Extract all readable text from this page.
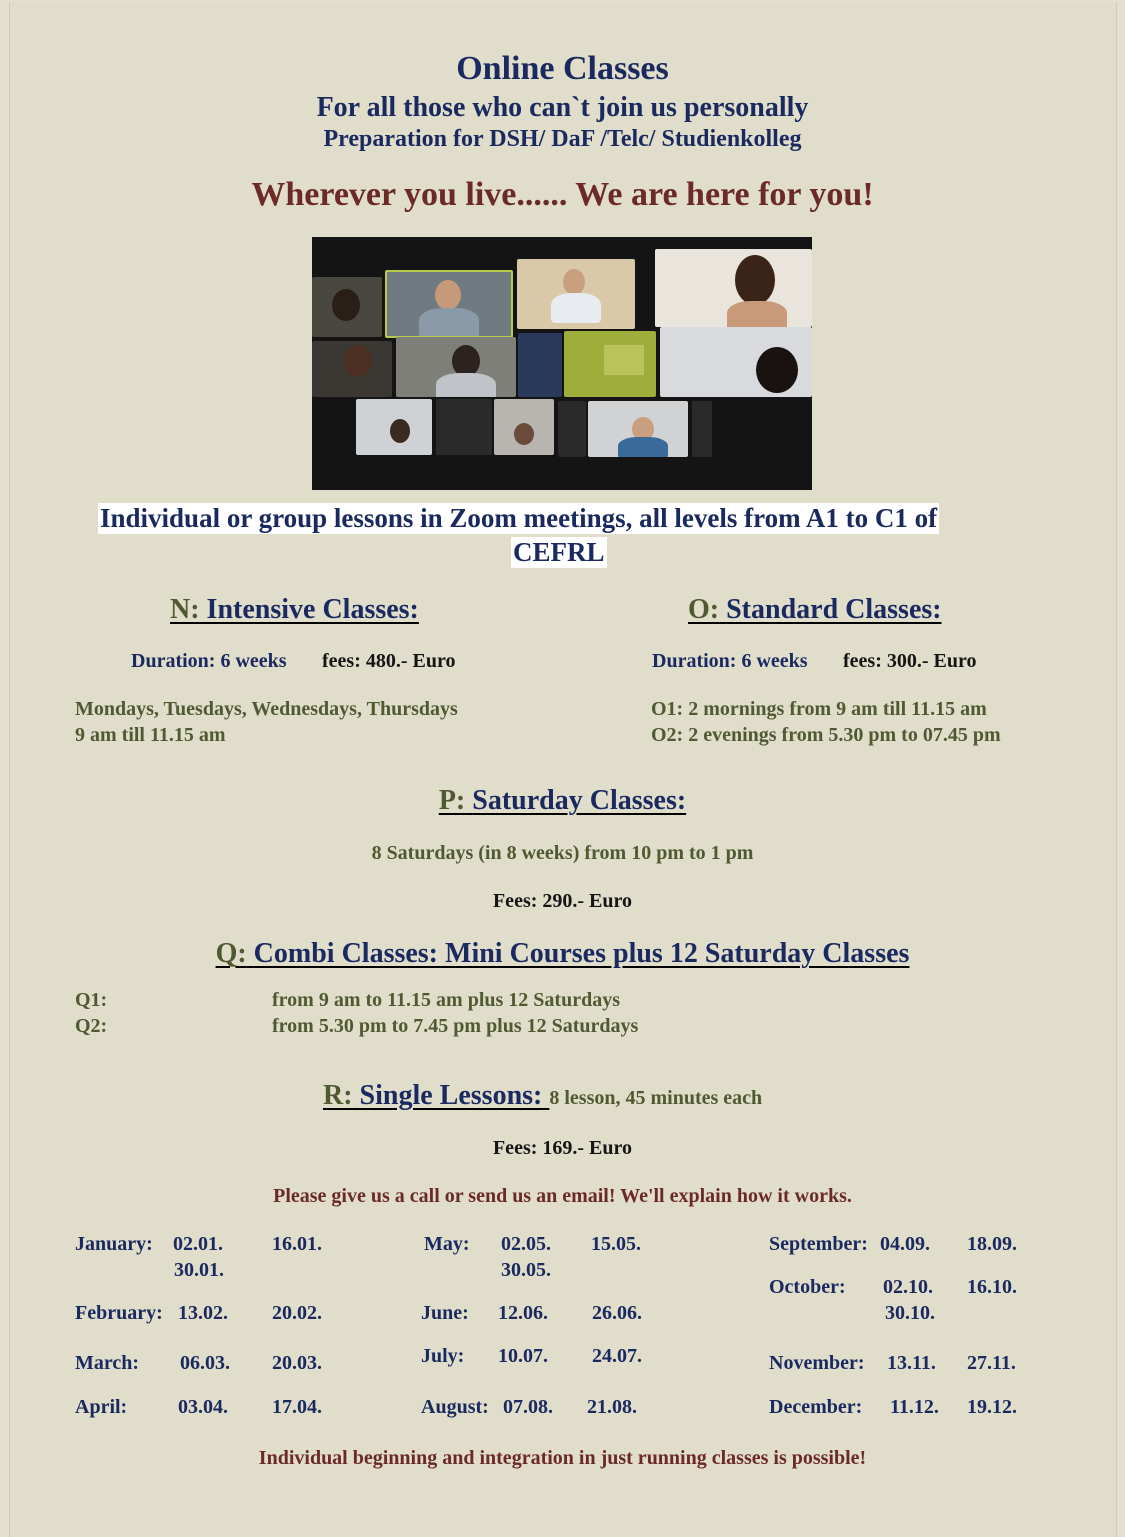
Online Classes
For all those who can`t join us personally
Preparation for DSH/ DaF /Telc/ Studienkolleg
Wherever you live...... We are here for you!
Individual or group lessons in Zoom meetings, all levels from A1 to C1 of
CEFRL
N: Intensive Classes:
Duration: 6 weeks fees: 480.- Euro
Mondays, Tuesdays, Wednesdays, Thursdays
9 am till 11.15 am
O: Standard Classes:
Duration: 6 weeks fees: 300.- Euro
O1: 2 mornings from 9 am till 11.15 am
O2: 2 evenings from 5.30 pm to 07.45 pm
P: Saturday Classes:
8 Saturdays (in 8 weeks) from 10 pm to 1 pm
Fees: 290.- Euro
Q: Combi Classes: Mini Courses plus 12 Saturday Classes
Q1:	from 9 am to 11.15 am plus 12 Saturdays
Q2:	from 5.30 pm to 7.45 pm plus 12 Saturdays
R: Single Lessons: 8 lesson, 45 minutes each
Fees: 169.- Euro
Please give us a call or send us an email! We'll explain how it works.
January: 02.01. 16.01.
30.01.
February: 13.02. 20.02.
March: 06.03. 20.03.
April:	03.04. 17.04.
May: 02.05. 15.05.
30.05.
June: 12.06. 26.06.
July: 10.07. 24.07.
August: 07.08. 21.08.
September: 04.09. 18.09.
October: 02.10. 16.10.
30.10.
November: 13.11. 27.11.
December: 11.12. 19.12.
Individual beginning and integration in just running classes is possible!
